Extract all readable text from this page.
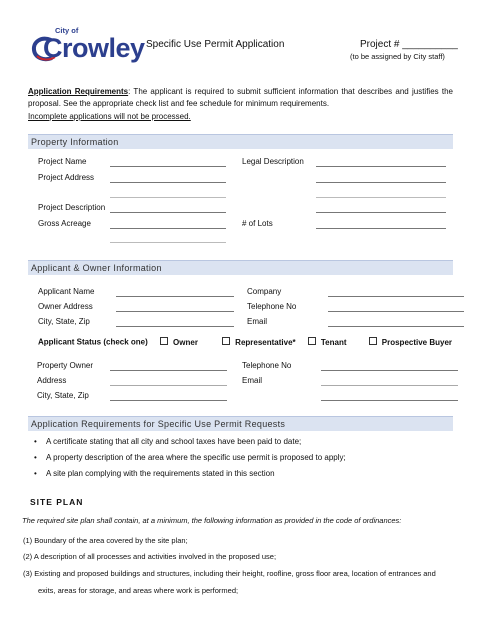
City of
Crowley Specific Use Permit Application	Project # __________
(to be assigned by City staff)
Application Requirements: The applicant is required to submit sufficient information that describes and justifies the proposal. See the appropriate check list and fee schedule for minimum requirements.
Incomplete applications will not be processed.
Property Information
Project Name	Legal Description
Project Address
Project Description
Gross Acreage	# of Lots
Applicant & Owner Information
Applicant Name	Company
Owner Address	Telephone No
City, State, Zip	Email
Applicant Status (check one)	Owner	Representative*	Tenant	Prospective Buyer
Property Owner	Telephone No
Address	Email
City, State, Zip
Application Requirements for Specific Use Permit Requests
• A certificate stating that all city and school taxes have been paid to date;
• A property description of the area where the specific use permit is proposed to apply;
• A site plan complying with the requirements stated in this section
SITE PLAN
The required site plan shall contain, at a minimum, the following information as provided in the code of ordinances:
(1) Boundary of the area covered by the site plan;
(2) A description of all processes and activities involved in the proposed use;
(3) Existing and proposed buildings and structures, including their height, roofline, gross floor area, location of entrances and
exits, areas for storage, and areas where work is performed;
